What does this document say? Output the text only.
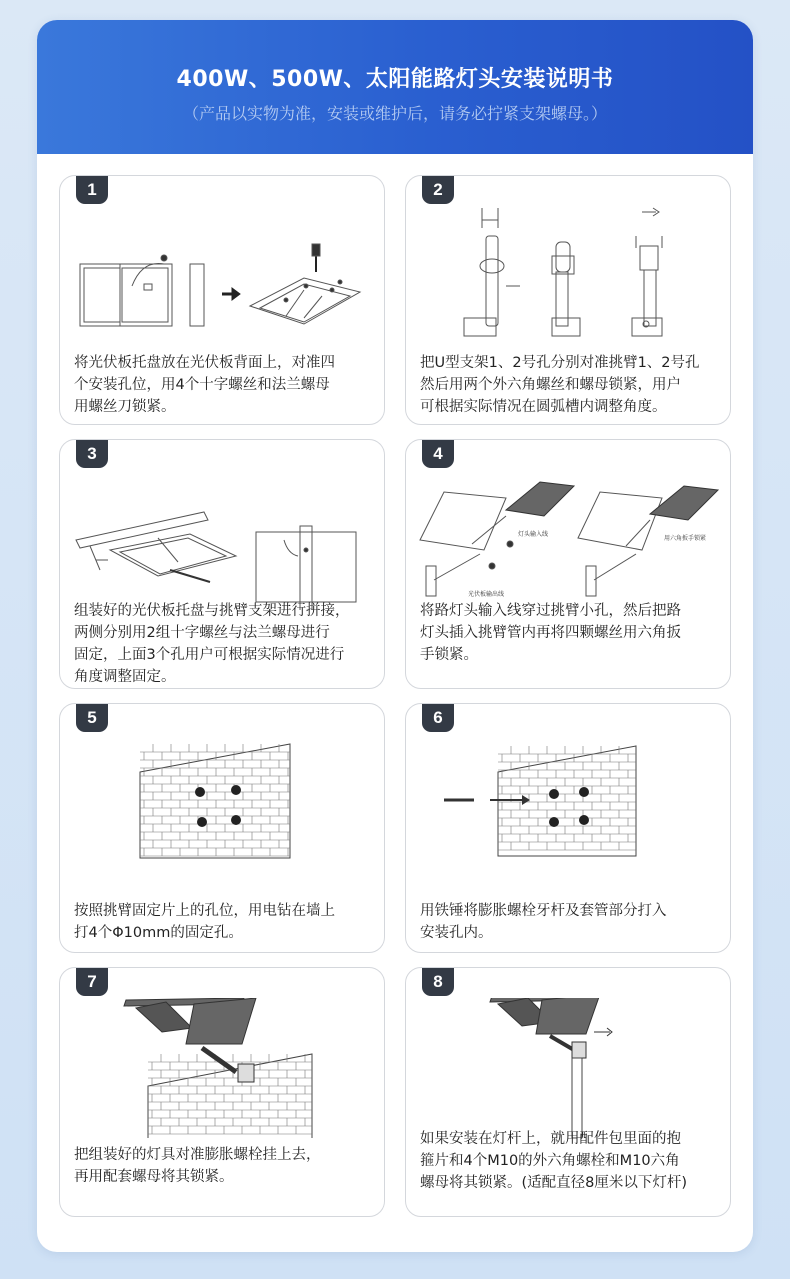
400W、500W、太阳能路灯头安装说明书
（产品以实物为准，安装或维护后，请务必拧紧支架螺母。）
1
将光伏板托盘放在光伏板背面上，对准四
个安装孔位，用4个十字螺丝和法兰螺母
用螺丝刀锁紧。
2
把U型支架1、2号孔分别对准挑臂1、2号孔
然后用两个外六角螺丝和螺母锁紧，用户
可根据实际情况在圆弧槽内调整角度。
3
组装好的光伏板托盘与挑臂支架进行拼接，
两侧分别用2组十字螺丝与法兰螺母进行
固定，上面3个孔用户可根据实际情况进行
角度调整固定。
4
灯头输入线
光伏板输出线
用六角扳手锁紧
将路灯头输入线穿过挑臂小孔，然后把路
灯头插入挑臂管内再将四颗螺丝用六角扳
手锁紧。
5
按照挑臂固定片上的孔位，用电钻在墙上
打4个Φ10mm的固定孔。
6
用铁锤将膨胀螺栓牙杆及套管部分打入
安装孔内。
7
把组装好的灯具对准膨胀螺栓挂上去，
再用配套螺母将其锁紧。
8
如果安装在灯杆上，就用配件包里面的抱
箍片和4个M10的外六角螺栓和M10六角
螺母将其锁紧。(适配直径8厘米以下灯杆)
